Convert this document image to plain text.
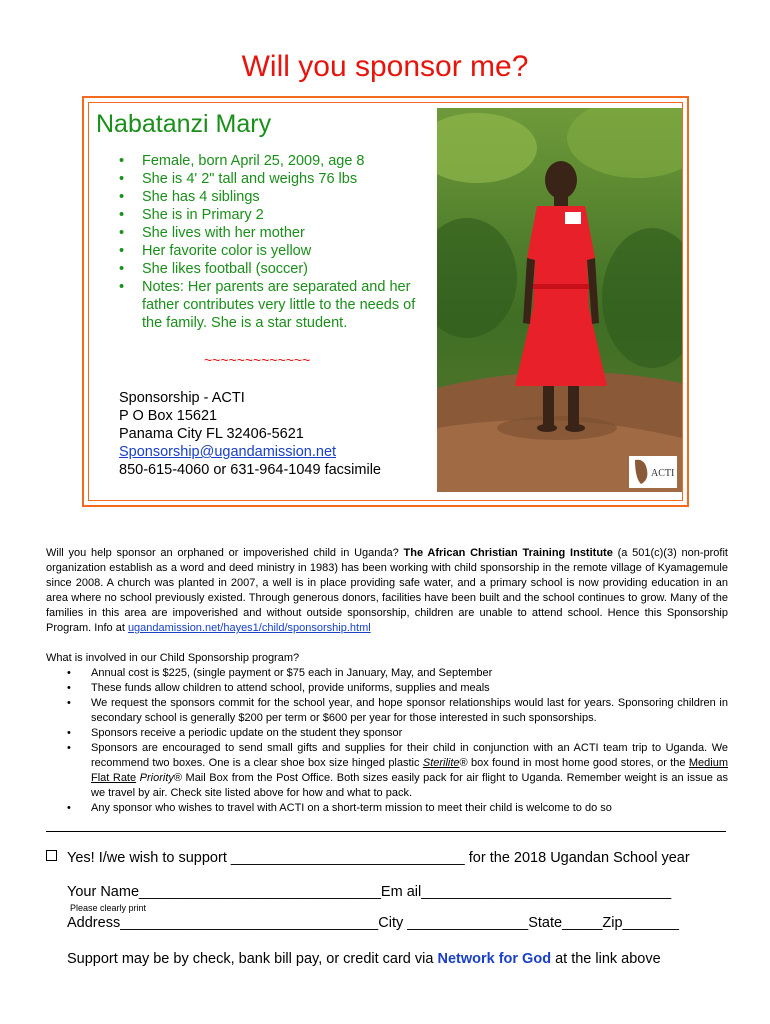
Will you sponsor me?
Nabatanzi Mary
• Female, born April 25, 2009, age 8
• She is 4' 2" tall and weighs 76 lbs
• She has 4 siblings
• She is in Primary 2
• She lives with her mother
• Her favorite color is yellow
• She likes football (soccer)
• Notes: Her parents are separated and her father contributes very little to the needs of the family. She is a star student.
~~~~~~~~~~~~~
Sponsorship - ACTI
P O Box 15621
Panama City FL 32406-5621
Sponsorship@ugandamission.net
850-615-4060 or 631-964-1049 facsimile	ACTI

Will you help sponsor an orphaned or impoverished child in Uganda? The African Christian Training Institute (a 501(c)(3) non-profit organization establish as a word and deed ministry in 1983) has been working with child sponsorship in the remote village of Kyamagemule since 2008. A church was planted in 2007, a well is in place providing safe water, and a primary school is now providing education in an area where no school previously existed. Through generous donors, facilities have been built and the school continues to grow. Many of the families in this area are impoverished and without outside sponsorship, children are unable to attend school. Hence this Sponsorship Program. Info at ugandamission.net/hayes1/child/sponsorship.html

What is involved in our Child Sponsorship program?
• Annual cost is $225, (single payment or $75 each in January, May, and September
• These funds allow children to attend school, provide uniforms, supplies and meals
• We request the sponsors commit for the school year, and hope sponsor relationships would last for years. Sponsoring children in secondary school is generally $200 per term or $600 per year for those interested in such sponsorships.
• Sponsors receive a periodic update on the student they sponsor
• Sponsors are encouraged to send small gifts and supplies for their child in conjunction with an ACTI team trip to Uganda. We recommend two boxes. One is a clear shoe box size hinged plastic Sterilite® box found in most home good stores, or the Medium Flat Rate Priority® Mail Box from the Post Office. Both sizes easily pack for air flight to Uganda. Remember weight is an issue as we travel by air. Check site listed above for how and what to pack.
• Any sponsor who wishes to travel with ACTI on a short-term mission to meet their child is welcome to do so
Yes! I/we wish to support _____________________________ for the 2018 Ugandan School year
Your Name______________________________Em ail_______________________________
Please clearly print
Address________________________________City _______________State_____Zip_______
Support may be by check, bank bill pay, or credit card via Network for God at the link above
